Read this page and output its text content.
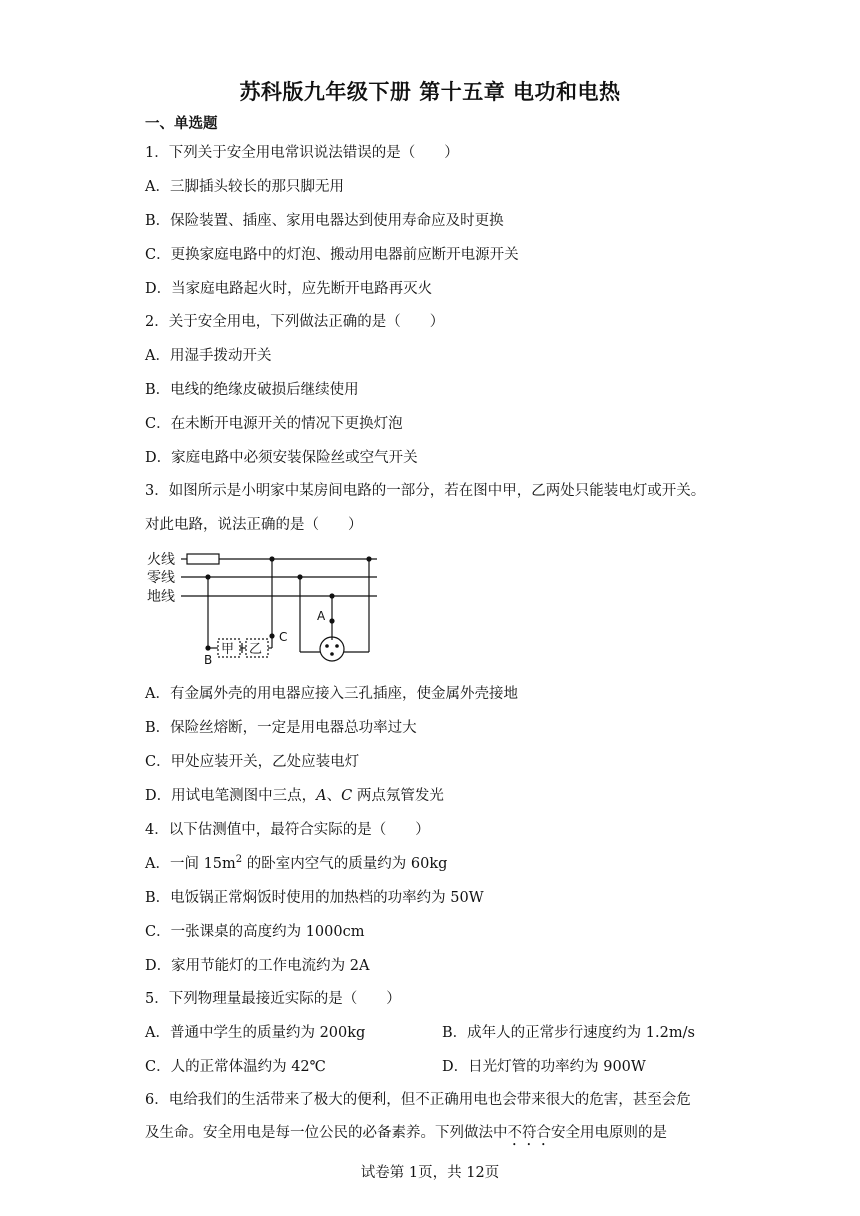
苏科版九年级下册 第十五章 电功和电热
一、单选题
1．下列关于安全用电常识说法错误的是（　　）
A．三脚插头较长的那只脚无用
B．保险装置、插座、家用电器达到使用寿命应及时更换
C．更换家庭电路中的灯泡、搬动用电器前应断开电源开关
D．当家庭电路起火时，应先断开电路再灭火
2．关于安全用电，下列做法正确的是（　　）
A．用湿手拨动开关
B．电线的绝缘皮破损后继续使用
C．在未断开电源开关的情况下更换灯泡
D．家庭电路中必须安装保险丝或空气开关
3．如图所示是小明家中某房间电路的一部分，若在图中甲，乙两处只能装电灯或开关。
对此电路，说法正确的是（　　）
火线
零线
地线
甲 乙
A
B
C
A．有金属外壳的用电器应接入三孔插座，使金属外壳接地
B．保险丝熔断，一定是用电器总功率过大
C．甲处应装开关，乙处应装电灯
D．用试电笔测图中三点，A、C 两点氖管发光
4．以下估测值中，最符合实际的是（　　）
A．一间 $15m^2$ 的卧室内空气的质量约为 60kg
B．电饭锅正常焖饭时使用的加热档的功率约为 50W
C．一张课桌的高度约为 1000cm
D．家用节能灯的工作电流约为 2A
5．下列物理量最接近实际的是（　　）
A．普通中学生的质量约为 200kg	B．成年人的正常步行速度约为 1.2m/s
C．人的正常体温约为 42℃	D．日光灯管的功率约为 900W
6．电给我们的生活带来了极大的便利，但不正确用电也会带来很大的危害，甚至会危
及生命。安全用电是每一位公民的必备素养。下列做法中不符合安全用电原则的是
试卷第 1页，共 12页
